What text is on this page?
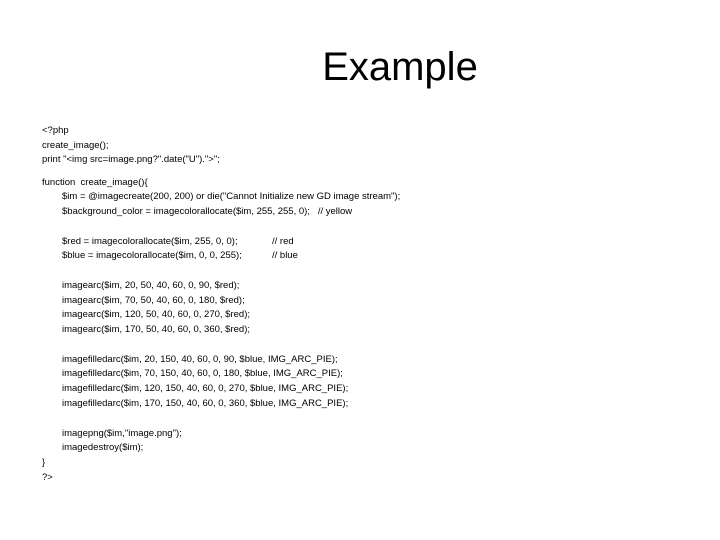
Example
<?php
create_image();
print "<img src=image.png?".date("U").">";
function  create_image(){
$im = @imagecreate(200, 200) or die("Cannot Initialize new GD image stream");
$background_color = imagecolorallocate($im, 255, 255, 0);   // yellow
$red = imagecolorallocate($im, 255, 0, 0);	// red
$blue = imagecolorallocate($im, 0, 0, 255);	// blue
imagearc($im, 20, 50, 40, 60, 0, 90, $red);
imagearc($im, 70, 50, 40, 60, 0, 180, $red);
imagearc($im, 120, 50, 40, 60, 0, 270, $red);
imagearc($im, 170, 50, 40, 60, 0, 360, $red);
imagefilledarc($im, 20, 150, 40, 60, 0, 90, $blue, IMG_ARC_PIE);
imagefilledarc($im, 70, 150, 40, 60, 0, 180, $blue, IMG_ARC_PIE);
imagefilledarc($im, 120, 150, 40, 60, 0, 270, $blue, IMG_ARC_PIE);
imagefilledarc($im, 170, 150, 40, 60, 0, 360, $blue, IMG_ARC_PIE);
imagepng($im,"image.png");
imagedestroy($im);
}
?>
